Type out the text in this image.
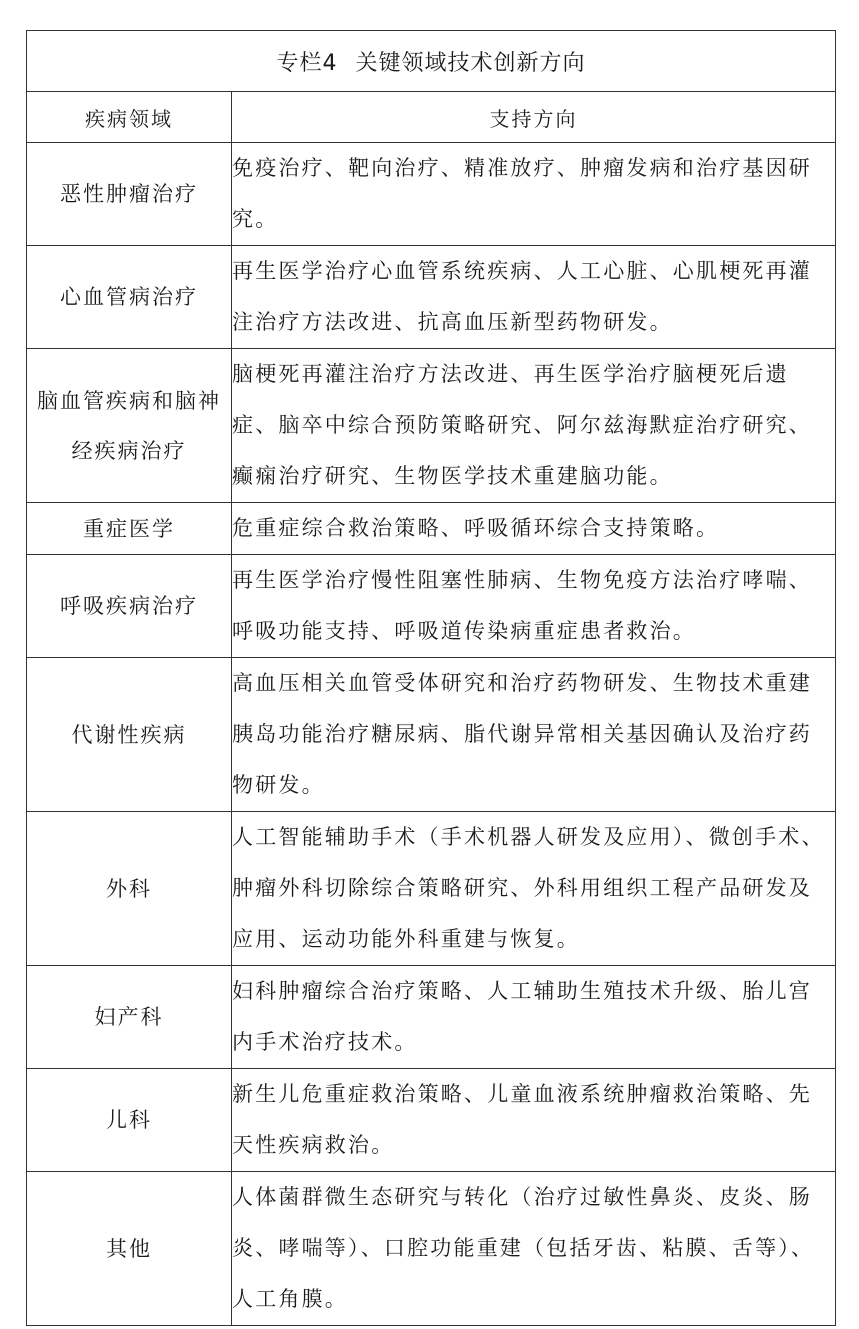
专栏4 关键领域技术创新方向	
疾病领域	支持方向
恶性肿瘤治疗	免疫治疗、靶向治疗、精准放疗、肿瘤发病和治疗基因研究。
心血管病治疗	再生医学治疗心血管系统疾病、人工心脏、心肌梗死再灌注治疗方法改进、抗高血压新型药物研发。
脑血管疾病和脑神经疾病治疗	脑梗死再灌注治疗方法改进、再生医学治疗脑梗死后遗症、脑卒中综合预防策略研究、阿尔兹海默症治疗研究、癫痫治疗研究、生物医学技术重建脑功能。
重症医学	危重症综合救治策略、呼吸循环综合支持策略。
呼吸疾病治疗	再生医学治疗慢性阻塞性肺病、生物免疫方法治疗哮喘、呼吸功能支持、呼吸道传染病重症患者救治。
代谢性疾病	高血压相关血管受体研究和治疗药物研发、生物技术重建胰岛功能治疗糖尿病、脂代谢异常相关基因确认及治疗药物研发。
外科	人工智能辅助手术（手术机器人研发及应用）、微创手术、肿瘤外科切除综合策略研究、外科用组织工程产品研发及应用、运动功能外科重建与恢复。
妇产科	妇科肿瘤综合治疗策略、人工辅助生殖技术升级、胎儿宫内手术治疗技术。
儿科	新生儿危重症救治策略、儿童血液系统肿瘤救治策略、先天性疾病救治。
其他	人体菌群微生态研究与转化（治疗过敏性鼻炎、皮炎、肠炎、哮喘等）、口腔功能重建（包括牙齿、粘膜、舌等）、人工角膜。
